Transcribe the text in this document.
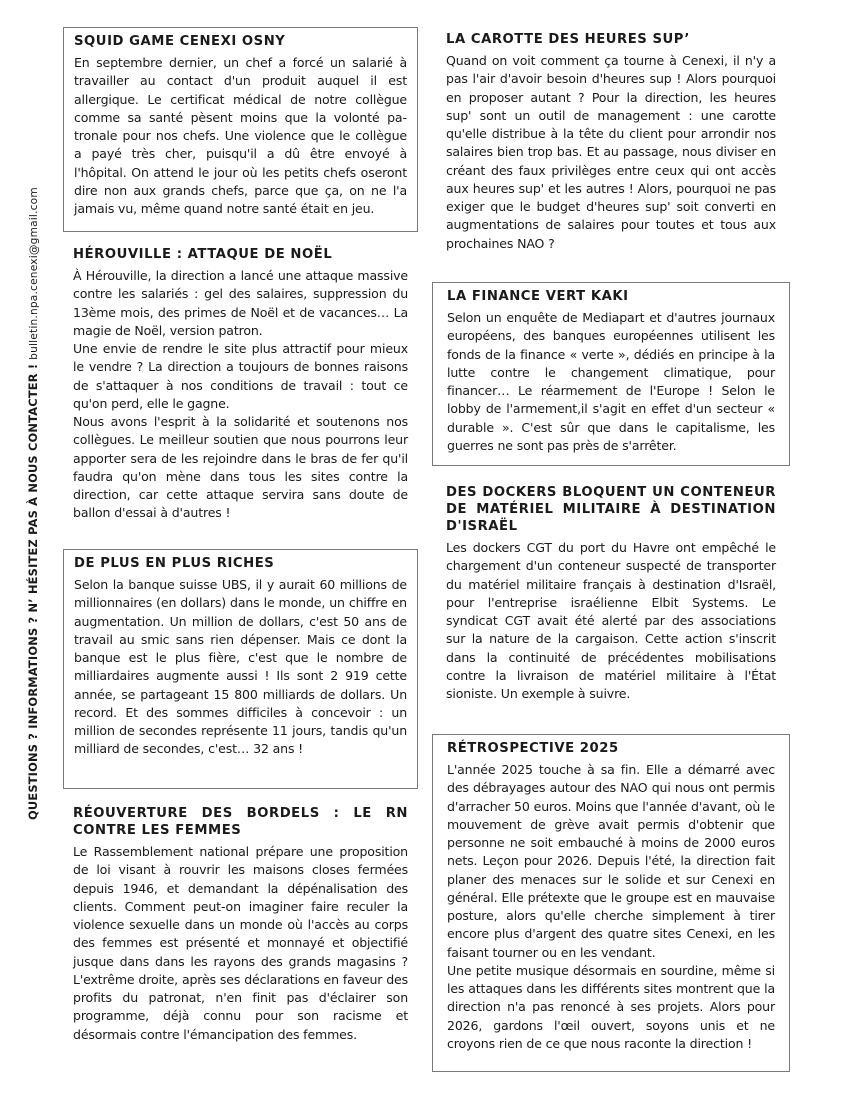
QUESTIONS ? INFORMATIONS ? N’ HÉSITEZ PAS À NOUS CONTACTER ! bulletin.npa.cenexi@gmail.com
SQUID GAME CENEXI OSNY

En septembre dernier, un chef a forcé un salarié à travailler au contact d'un produit auquel il est allergique. Le certificat médical de notre collègue comme sa santé pèsent moins que la volonté patronale pour nos chefs. Une violence que le collègue a payé très cher, puisqu'il a dû être envoyé à l'hôpital. On attend le jour où les petits chefs oseront dire non aux grands chefs, parce que ça, on ne l'a jamais vu, même quand notre santé était en jeu.

HÉROUVILLE : ATTAQUE DE NOËL

À Hérouville, la direction a lancé une attaque massive contre les salariés : gel des salaires, suppression du 13ème mois, des primes de Noël et de vacances… La magie de Noël, version patron.

Une envie de rendre le site plus attractif pour mieux le vendre ? La direction a toujours de bonnes raisons de s'attaquer à nos conditions de travail : tout ce qu'on perd, elle le gagne.

Nous avons l'esprit à la solidarité et soutenons nos collègues. Le meilleur soutien que nous pourrons leur apporter sera de les rejoindre dans le bras de fer qu'il faudra qu'on mène dans tous les sites contre la direction, car cette attaque servira sans doute de ballon d'essai à d'autres !

DE PLUS EN PLUS RICHES

Selon la banque suisse UBS, il y aurait 60 millions de millionnaires (en dollars) dans le monde, un chiffre en augmentation. Un million de dollars, c'est 50 ans de travail au smic sans rien dépenser. Mais ce dont la banque est le plus fière, c'est que le nombre de milliardaires augmente aussi ! Ils sont 2 919 cette année, se partageant 15 800 milliards de dollars. Un record. Et des sommes difficiles à concevoir : un million de secondes représente 11 jours, tandis qu'un milliard de secondes, c'est… 32 ans !

RÉOUVERTURE DES BORDELS : LE RN CONTRE LES FEMMES

Le Rassemblement national prépare une proposition de loi visant à rouvrir les maisons closes fermées depuis 1946, et demandant la dépénalisation des clients. Comment peut-on imaginer faire reculer la violence sexuelle dans un monde où l'accès au corps des femmes est présenté et monnayé et objectifié jusque dans dans les rayons des grands magasins ? L'extrême droite, après ses déclarations en faveur des profits du patronat, n'en finit pas d'éclairer son programme, déjà connu pour son racisme et désormais contre l'émancipation des femmes.

LA CAROTTE DES HEURES SUP’

Quand on voit comment ça tourne à Cenexi, il n'y a pas l'air d'avoir besoin d'heures sup ! Alors pourquoi en proposer autant ? Pour la direction, les heures sup' sont un outil de management : une carotte qu'elle distribue à la tête du client pour arrondir nos salaires bien trop bas. Et au passage, nous diviser en créant des faux privilèges entre ceux qui ont accès aux heures sup' et les autres ! Alors, pourquoi ne pas exiger que le budget d'heures sup' soit converti en augmentations de salaires pour toutes et tous aux prochaines NAO ?

LA FINANCE VERT KAKI

Selon un enquête de Mediapart et d'autres journaux européens, des banques européennes utilisent les fonds de la finance « verte », dédiés en principe à la lutte contre le changement climatique, pour financer… Le réarmement de l'Europe ! Selon le lobby de l'armement,il s'agit en effet d'un secteur « durable ». C'est sûr que dans le capitalisme, les guerres ne sont pas près de s'arrêter.

DES DOCKERS BLOQUENT UN CONTENEUR DE MATÉRIEL MILITAIRE À DESTINATION D'ISRAËL

Les dockers CGT du port du Havre ont empêché le chargement d'un conteneur suspecté de transporter du matériel militaire français à destination d'Israël, pour l'entreprise israélienne Elbit Systems. Le syndicat CGT avait été alerté par des associations sur la nature de la cargaison. Cette action s'inscrit dans la continuité de précédentes mobilisations contre la livraison de matériel militaire à l'État sioniste. Un exemple à suivre.

RÉTROSPECTIVE 2025

L'année 2025 touche à sa fin. Elle a démarré avec des débrayages autour des NAO qui nous ont permis d'arracher 50 euros. Moins que l'année d'avant, où le mouvement de grève avait permis d'obtenir que personne ne soit embauché à moins de 2000 euros nets. Leçon pour 2026. Depuis l'été, la direction fait planer des menaces sur le solide et sur Cenexi en général. Elle prétexte que le groupe est en mauvaise posture, alors qu'elle cherche simplement à tirer encore plus d'argent des quatre sites Cenexi, en les faisant tourner ou en les vendant.

Une petite musique désormais en sourdine, même si les attaques dans les différents sites montrent que la direction n'a pas renoncé à ses projets. Alors pour 2026, gardons l'œil ouvert, soyons unis et ne croyons rien de ce que nous raconte la direction !
